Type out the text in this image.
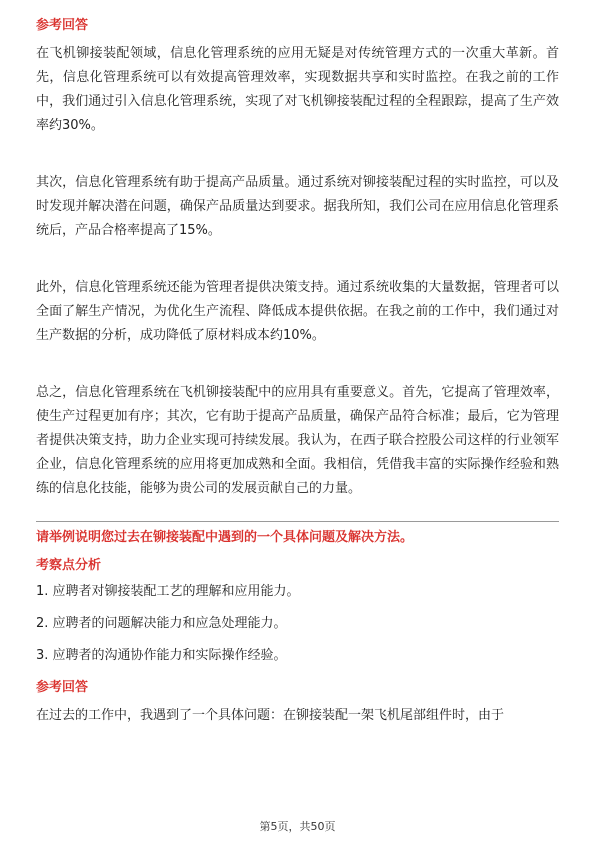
参考回答

在飞机铆接装配领域，信息化管理系统的应用无疑是对传统管理方式的一次重大革新。首先，信息化管理系统可以有效提高管理效率，实现数据共享和实时监控。在我之前的工作中，我们通过引入信息化管理系统，实现了对飞机铆接装配过程的全程跟踪，提高了生产效率约30%。

其次，信息化管理系统有助于提高产品质量。通过系统对铆接装配过程的实时监控，可以及时发现并解决潜在问题，确保产品质量达到要求。据我所知，我们公司在应用信息化管理系统后，产品合格率提高了15%。

此外，信息化管理系统还能为管理者提供决策支持。通过系统收集的大量数据，管理者可以全面了解生产情况，为优化生产流程、降低成本提供依据。在我之前的工作中，我们通过对生产数据的分析，成功降低了原材料成本约10%。

总之，信息化管理系统在飞机铆接装配中的应用具有重要意义。首先，它提高了管理效率，使生产过程更加有序；其次，它有助于提高产品质量，确保产品符合标准；最后，它为管理者提供决策支持，助力企业实现可持续发展。我认为，在西子联合控股公司这样的行业领军企业，信息化管理系统的应用将更加成熟和全面。我相信，凭借我丰富的实际操作经验和熟练的信息化技能，能够为贵公司的发展贡献自己的力量。

请举例说明您过去在铆接装配中遇到的一个具体问题及解决方法。

考察点分析

1. 应聘者对铆接装配工艺的理解和应用能力。
2. 应聘者的问题解决能力和应急处理能力。
3. 应聘者的沟通协作能力和实际操作经验。

参考回答

在过去的工作中，我遇到了一个具体问题：在铆接装配一架飞机尾部组件时，由于

第5页，共50页
